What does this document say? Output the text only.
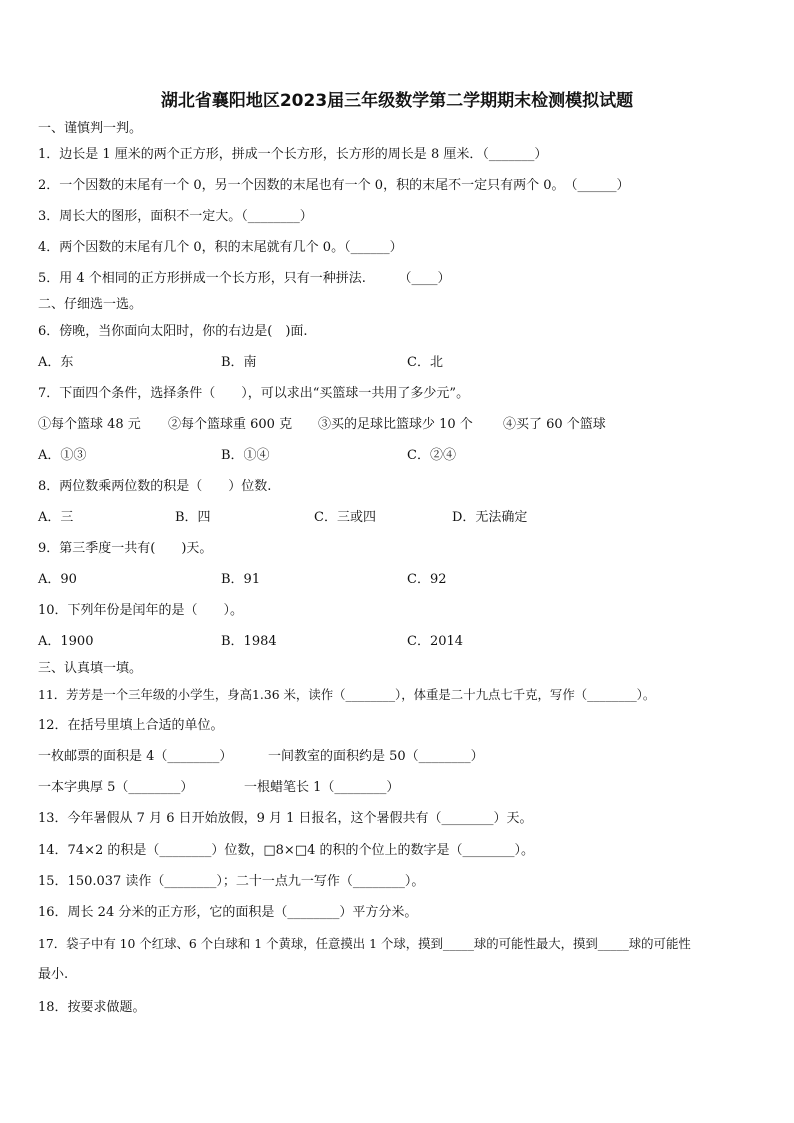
湖北省襄阳地区2023届三年级数学第二学期期末检测模拟试题
一、谨慎判一判。
1．边长是 1 厘米的两个正方形，拼成一个长方形，长方形的周长是 8 厘米．（_______）
2．一个因数的末尾有一个 0，另一个因数的末尾也有一个 0，积的末尾不一定只有两个 0。　（______）
3．周长大的图形，面积不一定大。（________）
4．两个因数的末尾有几个 0，积的末尾就有几个 0。（______）
5．用 4 个相同的正方形拼成一个长方形，只有一种拼法.　　　（____）
二、仔细选一选。
6．傍晚，当你面向太阳时，你的右边是(　)面.
A．东	B．南	C．北
7．下面四个条件，选择条件（　　），可以求出“买篮球一共用了多少元”。
①每个篮球 48 元 ②每个篮球重 600 克 ③买的足球比篮球少 10 个 ④买了 60 个篮球
A．①③	B．①④	C．②④
8．两位数乘两位数的积是（　　）位数.
A．三	B．四	C．三或四	D．无法确定
9．第三季度一共有(　　)天。
A．90	B．91	C．92
10．下列年份是闰年的是（　　）。
A．1900	B．1984	C．2014
三、认真填一填。
11．芳芳是一个三年级的小学生，身高1.36 米，读作（________），体重是二十九点七千克，写作（________）。
12．在括号里填上合适的单位。
一枚邮票的面积是 4（________）	一间教室的面积约是 50（________）
一本字典厚 5（________）	一根蜡笔长 1（________）
13．今年暑假从 7 月 6 日开始放假，9 月 1 日报名，这个暑假共有（________）天。
14．74×2 的积是（________）位数，□8×□4 的积的个位上的数字是（________）。
15．150.037 读作（________）；二十一点九一写作（________）。
16．周长 24 分米的正方形，它的面积是（________）平方分米。
17．袋子中有 10 个红球、6 个白球和 1 个黄球，任意摸出 1 个球，摸到_____球的可能性最大，摸到_____球的可能性
最小.
18．按要求做题。
